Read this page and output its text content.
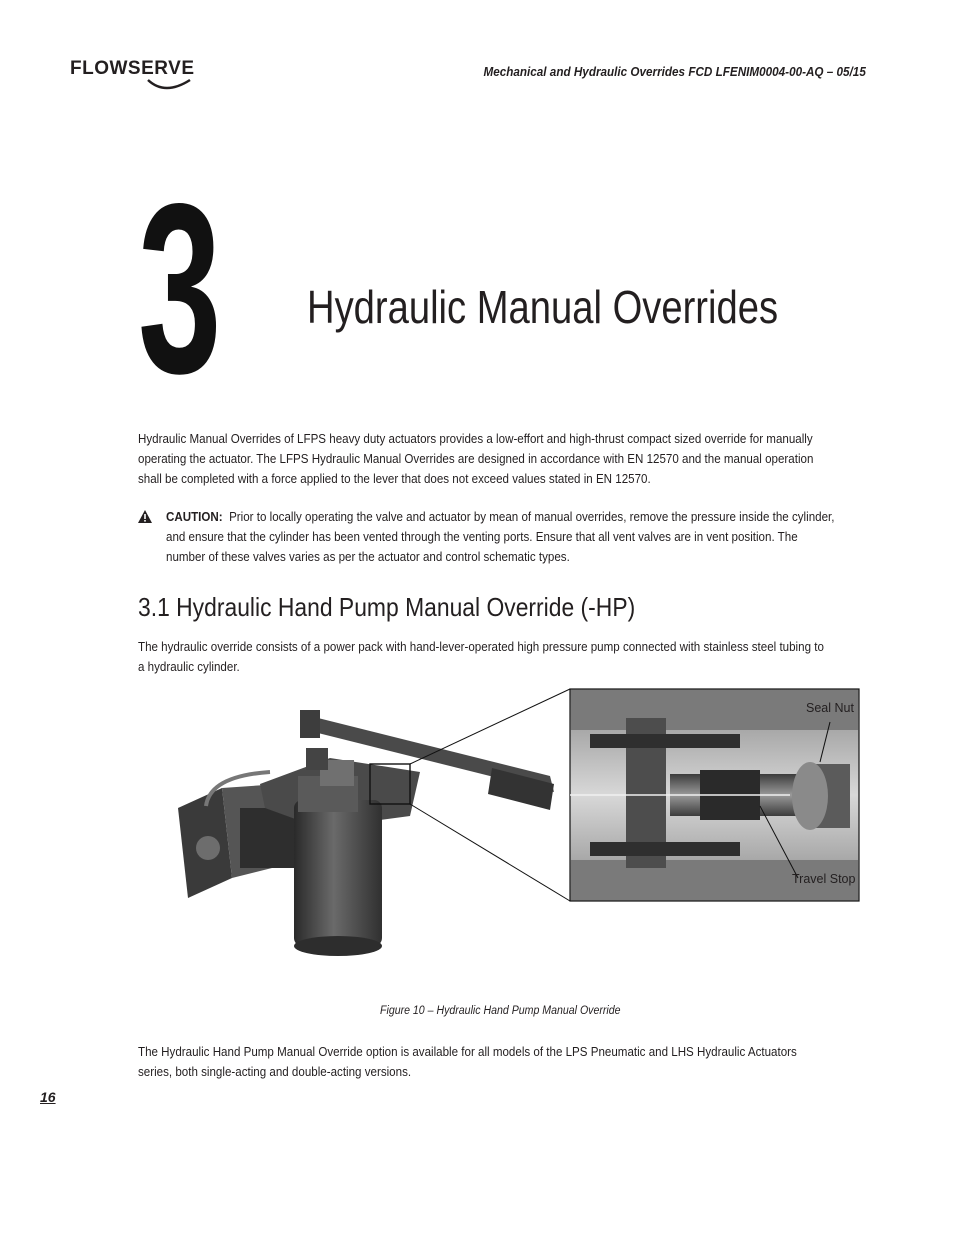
FLOWSERVE	Mechanical and Hydraulic Overrides FCD LFENIM0004-00-AQ – 05/15
3 Hydraulic Manual Overrides
Hydraulic Manual Overrides of LFPS heavy duty actuators provides a low-effort and high-thrust compact sized override for manually
operating the actuator. The LFPS Hydraulic Manual Overrides are designed in accordance with EN 12570 and the manual operation
shall be completed with a force applied to the lever that does not exceed values stated in EN 12570.
CAUTION: Prior to locally operating the valve and actuator by mean of manual overrides, remove the pressure inside the cylinder,
and ensure that the cylinder has been vented through the venting ports. Ensure that all vent valves are in vent position. The
number of these valves varies as per the actuator and control schematic types.
3.1 Hydraulic Hand Pump Manual Override (-HP)
The hydraulic override consists of a power pack with hand-lever-operated high pressure pump connected with stainless steel tubing to
a hydraulic cylinder.
Seal Nut
Travel Stop
Figure 10 – Hydraulic Hand Pump Manual Override
The Hydraulic Hand Pump Manual Override option is available for all models of the LPS Pneumatic and LHS Hydraulic Actuators
series, both single-acting and double-acting versions.
16
